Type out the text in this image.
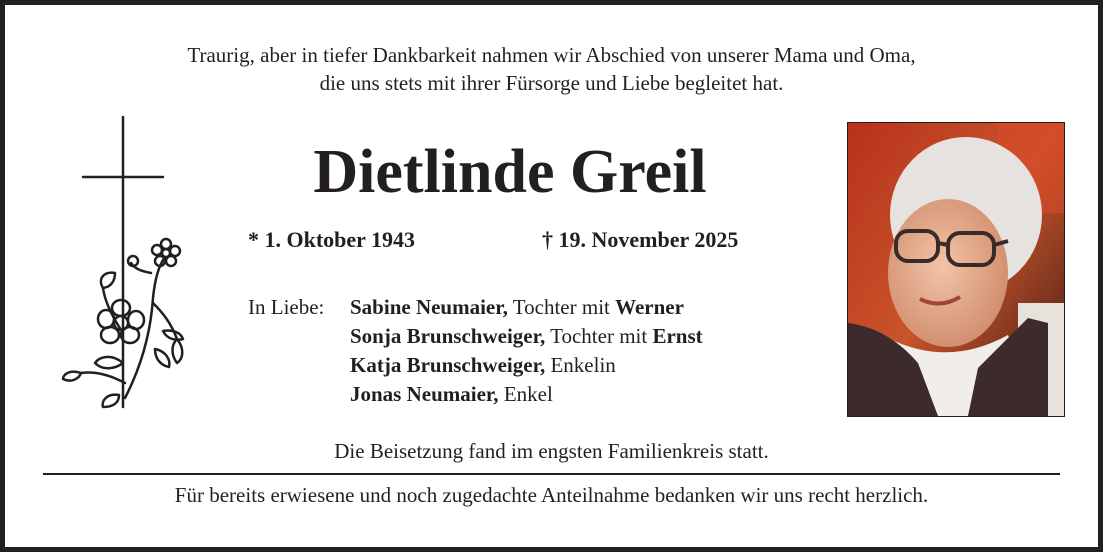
Traurig, aber in tiefer Dankbarkeit nahmen wir Abschied von unserer Mama und Oma,
die uns stets mit ihrer Fürsorge und Liebe begleitet hat.
Dietlinde Greil
* 1. Oktober 1943	† 19. November 2025
In Liebe: Sabine Neumaier, Tochter mit Werner
Sonja Brunschweiger, Tochter mit Ernst
Katja Brunschweiger, Enkelin
Jonas Neumaier, Enkel
Die Beisetzung fand im engsten Familienkreis statt.
Für bereits erwiesene und noch zugedachte Anteilnahme bedanken wir uns recht herzlich.
